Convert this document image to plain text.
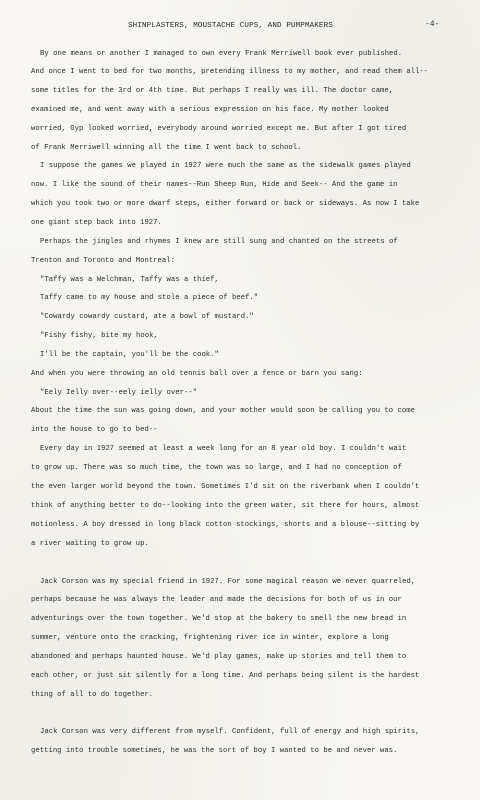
SHINPLASTERS, MOUSTACHE CUPS, AND PUMPMAKERS	-4-
By one means or another I managed to own every Frank Merriwell book ever published.
And once I went to bed for two months, pretending illness to my mother, and read them all--
some titles for the 3rd or 4th time. But perhaps I really was ill. The doctor came,
examined me, and went away with a serious expression on his face. My mother looked
worried, Gyp looked worried, everybody around worried except me. But after I got tired
of Frank Merriwell winning all the time I went back to school.
I suppose the games we played in 1927 were much the same as the sidewalk games played
now. I like the sound of their names--Run Sheep Run, Hide and Seek-- And the game in
which you took two or more dwarf steps, either forward or back or sideways. As now I take
one giant step back into 1927.
Perhaps the jingles and rhymes I knew are still sung and chanted on the streets of
Trenton and Toronto and Montreal:
"Taffy was a Welchman, Taffy was a thief,
Taffy came to my house and stole a piece of beef."
"Cowardy cowardy custard, ate a bowl of mustard."
"Fishy fishy, bite my hook,
I'll be the captain, you'll be the cook."
And when you were throwing an old tennis ball over a fence or barn you sang:
"Eely Ielly over--eely ielly over--"
About the time the sun was going down, and your mother would soon be calling you to come
into the house to go to bed--
Every day in 1927 seemed at least a week long for an 8 year old boy. I couldn't wait
to grow up. There was so much time, the town was so large, and I had no conception of
the even larger world beyond the town. Sometimes I'd sit on the riverbank when I couldn't
think of anything better to do--looking into the green water, sit there for hours, almost
motionless. A boy dressed in long black cotton stockings, shorts and a blouse--sitting by
a river waiting to grow up.
Jack Corson was my special friend in 1927. For some magical reason we never quarreled,
perhaps because he was always the leader and made the decisions for both of us in our
adventurings over the town together. We'd stop at the bakery to smell the new bread in
summer, venture onto the cracking, frightening river ice in winter, explore a long
abandoned and perhaps haunted house. We'd play games, make up stories and tell them to
each other, or just sit silently for a long time. And perhaps being silent is the hardest
thing of all to do together.
Jack Corson was very different from myself. Confident, full of energy and high spirits,
getting into trouble sometimes, he was the sort of boy I wanted to be and never was.
